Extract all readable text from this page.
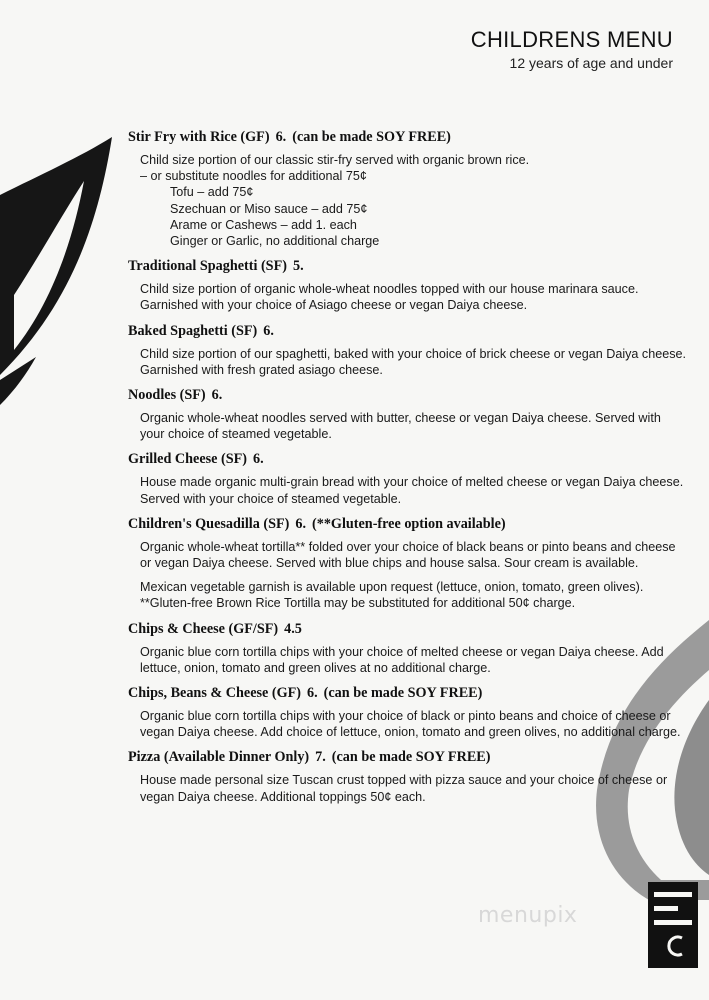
CHILDRENS MENU
12 years of age and under
Stir Fry with Rice (GF) 6. (can be made SOY FREE)
Child size portion of our classic stir-fry served with organic brown rice.
– or substitute noodles for additional 75¢
Tofu – add 75¢
Szechuan or Miso sauce – add 75¢
Arame or Cashews – add 1. each
Ginger or Garlic, no additional charge
Traditional Spaghetti (SF) 5.

Child size portion of organic whole-wheat noodles topped with our house marinara sauce. Garnished with your choice of Asiago cheese or vegan Daiya cheese.

Baked Spaghetti (SF) 6.

Child size portion of our spaghetti, baked with your choice of brick cheese or vegan Daiya cheese. Garnished with fresh grated asiago cheese.

Noodles (SF) 6.

Organic whole-wheat noodles served with butter, cheese or vegan Daiya cheese. Served with your choice of steamed vegetable.

Grilled Cheese (SF) 6.

House made organic multi-grain bread with your choice of melted cheese or vegan Daiya cheese. Served with your choice of steamed vegetable.

Children's Quesadilla (SF) 6. (**Gluten-free option available)

Organic whole-wheat tortilla** folded over your choice of black beans or pinto beans and cheese or vegan Daiya cheese. Served with blue chips and house salsa. Sour cream is available.

Mexican vegetable garnish is available upon request (lettuce, onion, tomato, green olives). **Gluten-free Brown Rice Tortilla may be substituted for additional 50¢ charge.

Chips & Cheese (GF/SF) 4.5

Organic blue corn tortilla chips with your choice of melted cheese or vegan Daiya cheese. Add lettuce, onion, tomato and green olives at no additional charge.

Chips, Beans & Cheese (GF) 6. (can be made SOY FREE)

Organic blue corn tortilla chips with your choice of black or pinto beans and choice of cheese or vegan Daiya cheese. Add choice of lettuce, onion, tomato and green olives, no additional charge.

Pizza (Available Dinner Only) 7. (can be made SOY FREE)

House made personal size Tuscan crust topped with pizza sauce and your choice of cheese or vegan Daiya cheese. Additional toppings 50¢ each.

menupix
